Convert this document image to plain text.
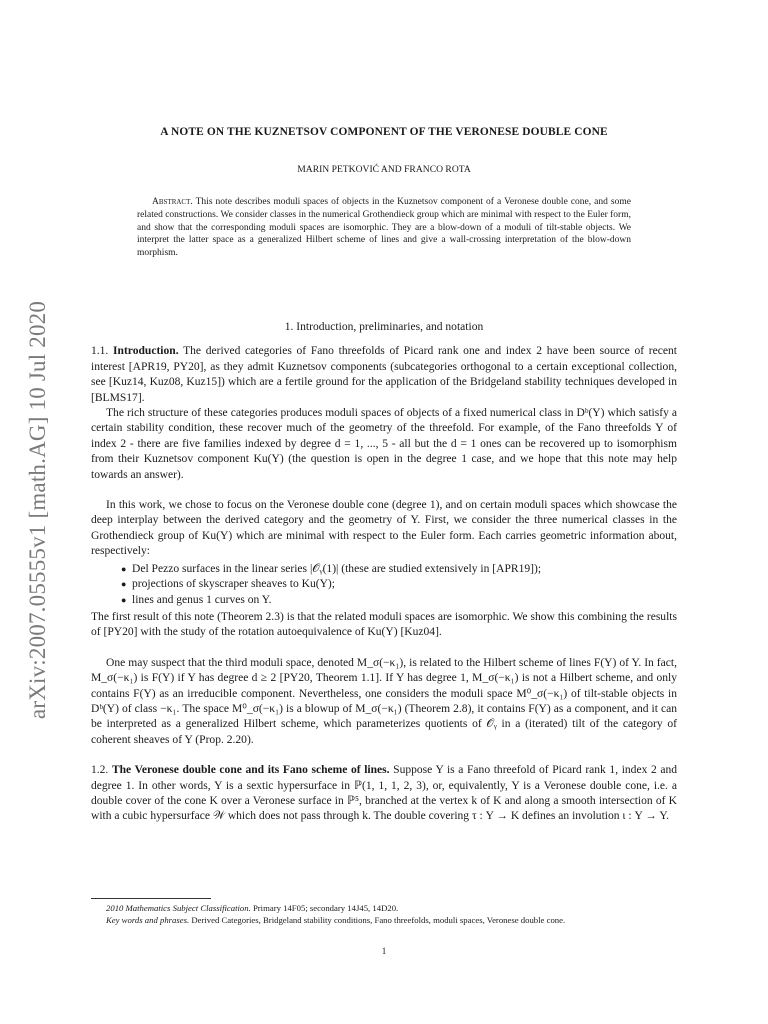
arXiv:2007.05555v1 [math.AG] 10 Jul 2020
A NOTE ON THE KUZNETSOV COMPONENT OF THE VERONESE DOUBLE CONE
MARIN PETKOVIĆ AND FRANCO ROTA
Abstract. This note describes moduli spaces of objects in the Kuznetsov component of a Veronese double cone, and some related constructions. We consider classes in the numerical Grothendieck group which are minimal with respect to the Euler form, and show that the corresponding moduli spaces are isomorphic. They are a blow-down of a moduli of tilt-stable objects. We interpret the latter space as a generalized Hilbert scheme of lines and give a wall-crossing interpretation of the blow-down morphism.
1. Introduction, preliminaries, and notation

1.1. Introduction. The derived categories of Fano threefolds of Picard rank one and index 2 have been source of recent interest [APR19, PY20], as they admit Kuznetsov components (subcategories orthogonal to a certain exceptional collection, see [Kuz14, Kuz08, Kuz15]) which are a fertile ground for the application of the Bridgeland stability techniques developed in [BLMS17].

The rich structure of these categories produces moduli spaces of objects of a fixed numerical class in Dᵇ(Y) which satisfy a certain stability condition, these recover much of the geometry of the threefold. For example, of the Fano threefolds Y of index 2 - there are five families indexed by degree d = 1, ..., 5 - all but the d = 1 ones can be recovered up to isomorphism from their Kuznetsov component Ku(Y) (the question is open in the degree 1 case, and we hope that this note may help towards an answer).

In this work, we chose to focus on the Veronese double cone (degree 1), and on certain moduli spaces which showcase the deep interplay between the derived category and the geometry of Y. First, we consider the three numerical classes in the Grothendieck group of Ku(Y) which are minimal with respect to the Euler form. Each carries geometric information about, respectively:

● Del Pezzo surfaces in the linear series |𝒪ᵧ(1)| (these are studied extensively in [APR19]);
● projections of skyscraper sheaves to Ku(Y);
● lines and genus 1 curves on Y.

The first result of this note (Theorem 2.3) is that the related moduli spaces are isomorphic. We show this combining the results of [PY20] with the study of the rotation autoequivalence of Ku(Y) [Kuz04].

One may suspect that the third moduli space, denoted M_σ(−κ₁), is related to the Hilbert scheme of lines F(Y) of Y. In fact, M_σ(−κ₁) is F(Y) if Y has degree d ≥ 2 [PY20, Theorem 1.1]. If Y has degree 1, M_σ(−κ₁) is not a Hilbert scheme, and only contains F(Y) as an irreducible component. Nevertheless, one considers the moduli space M⁰_σ(−κ₁) of tilt-stable objects in Dᵇ(Y) of class −κ₁. The space M⁰_σ(−κ₁) is a blowup of M_σ(−κ₁) (Theorem 2.8), it contains F(Y) as a component, and it can be interpreted as a generalized Hilbert scheme, which parameterizes quotients of 𝒪ᵧ in a (iterated) tilt of the category of coherent sheaves of Y (Prop. 2.20).

1.2. The Veronese double cone and its Fano scheme of lines. Suppose Y is a Fano threefold of Picard rank 1, index 2 and degree 1. In other words, Y is a sextic hypersurface in ℙ(1, 1, 1, 2, 3), or, equivalently, Y is a Veronese double cone, i.e. a double cover of the cone K over a Veronese surface in ℙ⁵, branched at the vertex k of K and along a smooth intersection of K with a cubic hypersurface 𝒲 which does not pass through k. The double covering τ : Y → K defines an involution ι : Y → Y.

2010 Mathematics Subject Classification. Primary 14F05; secondary 14J45, 14D20.

Key words and phrases. Derived Categories, Bridgeland stability conditions, Fano threefolds, moduli spaces, Veronese double cone.

1
